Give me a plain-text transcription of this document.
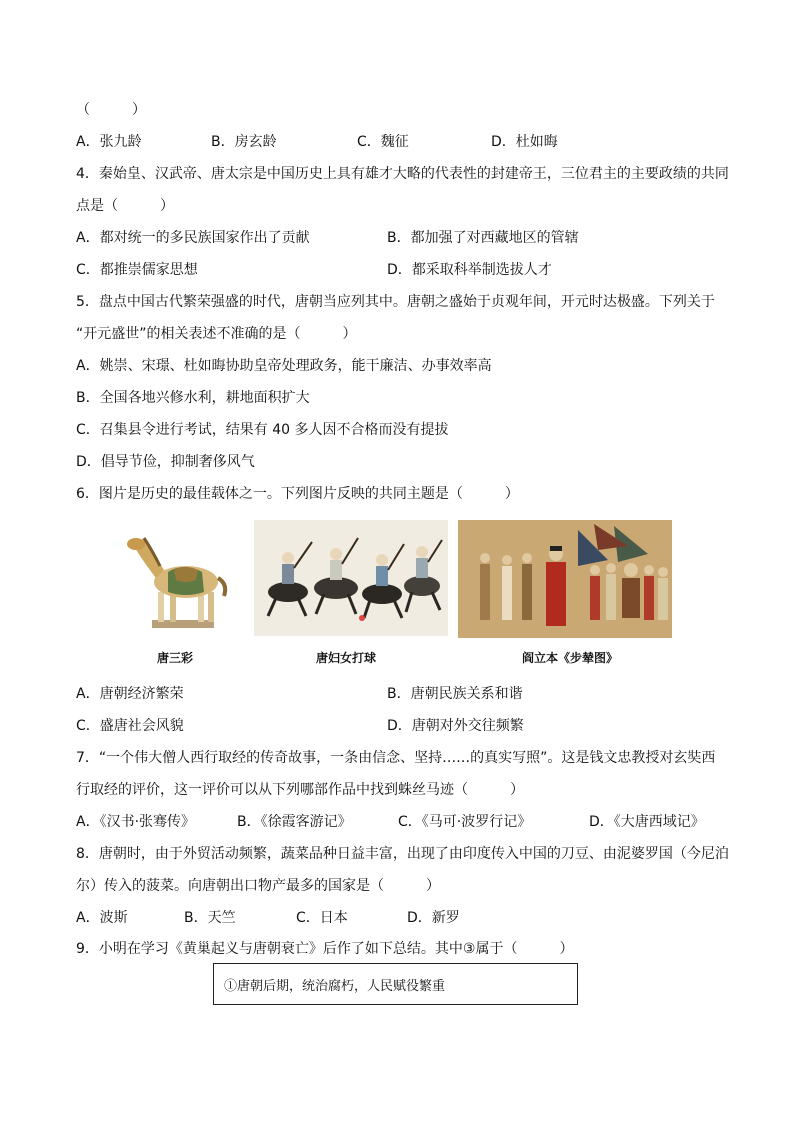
（　　　）
A．张九龄	B．房玄龄	C．魏征	D．杜如晦
4．秦始皇、汉武帝、唐太宗是中国历史上具有雄才大略的代表性的封建帝王，三位君主的主要政绩的共同
点是（　　　）
A．都对统一的多民族国家作出了贡献	B．都加强了对西藏地区的管辖
C．都推崇儒家思想	D．都采取科举制选拔人才
5．盘点中国古代繁荣强盛的时代，唐朝当应列其中。唐朝之盛始于贞观年间，开元时达极盛。下列关于
“开元盛世”的相关表述不准确的是（　　　）
A．姚崇、宋璟、杜如晦协助皇帝处理政务，能干廉洁、办事效率高
B．全国各地兴修水利，耕地面积扩大
C．召集县令进行考试，结果有 40 多人因不合格而没有提拔
D．倡导节俭，抑制奢侈风气
6．图片是历史的最佳载体之一。下列图片反映的共同主题是（　　　）
唐三彩	唐妇女打球	阎立本《步辇图》
A．唐朝经济繁荣	B．唐朝民族关系和谐
C．盛唐社会风貌	D．唐朝对外交往频繁
7．“一个伟大僧人西行取经的传奇故事，一条由信念、坚持……的真实写照”。这是钱文忠教授对玄奘西
行取经的评价，这一评价可以从下列哪部作品中找到蛛丝马迹（　　　）
A．《汉书·张骞传》	B．《徐霞客游记》	C．《马可·波罗行记》	D．《大唐西域记》
8．唐朝时，由于外贸活动频繁，蔬菜品种日益丰富，出现了由印度传入中国的刀豆、由泥婆罗国（今尼泊
尔）传入的菠菜。向唐朝出口物产最多的国家是（　　　）
A．波斯	B．天竺	C．日本	D．新罗
9．小明在学习《黄巢起义与唐朝衰亡》后作了如下总结。其中③属于（　　　）
①唐朝后期，统治腐朽，人民赋役繁重
